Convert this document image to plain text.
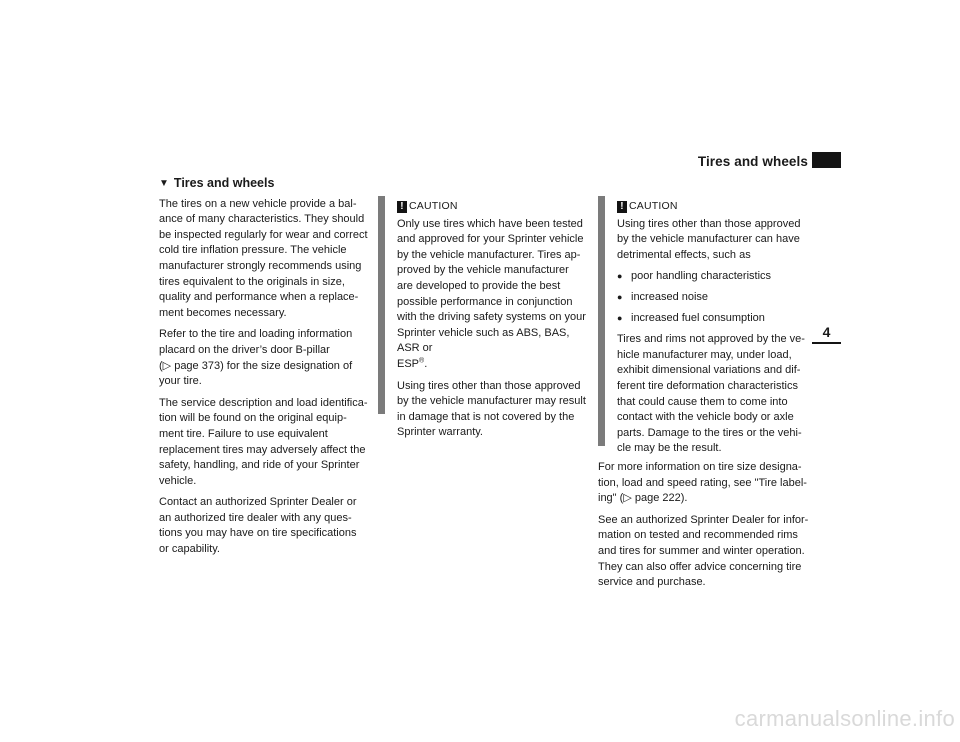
Tires and wheels
4
▼ Tires and wheels

The tires on a new vehicle provide a bal-ance of many characteristics. They should be inspected regularly for wear and correct cold tire inflation pressure. The vehicle manufacturer strongly recommends using tires equivalent to the originals in size, quality and performance when a replace-ment becomes necessary.

Refer to the tire and loading information placard on the driver’s door B-pillar
(▷ page 373) for the size designation of your tire.

The service description and load identifica-tion will be found on the original equip-ment tire. Failure to use equivalent replacement tires may adversely affect the safety, handling, and ride of your Sprinter vehicle.

Contact an authorized Sprinter Dealer or an authorized tire dealer with any ques-tions you may have on tire specifications or capability.

! CAUTION

Only use tires which have been tested and approved for your Sprinter vehicle by the vehicle manufacturer. Tires ap-proved by the vehicle manufacturer are developed to provide the best possible performance in conjunction with the driving safety systems on your Sprinter vehicle such as ABS, BAS, ASR or
ESP®.

Using tires other than those approved by the vehicle manufacturer may result in damage that is not covered by the Sprinter warranty.

! CAUTION

Using tires other than those approved by the vehicle manufacturer can have detrimental effects, such as

● poor handling characteristics
● increased noise
● increased fuel consumption

Tires and rims not approved by the ve-hicle manufacturer may, under load, exhibit dimensional variations and dif-ferent tire deformation characteristics that could cause them to come into contact with the vehicle body or axle parts. Damage to the tires or the vehi-cle may be the result.

For more information on tire size designa-tion, load and speed rating, see "Tire label-ing" (▷ page 222).

See an authorized Sprinter Dealer for infor-mation on tested and recommended rims and tires for summer and winter operation. They can also offer advice concerning tire service and purchase.

carmanualsonline.info
